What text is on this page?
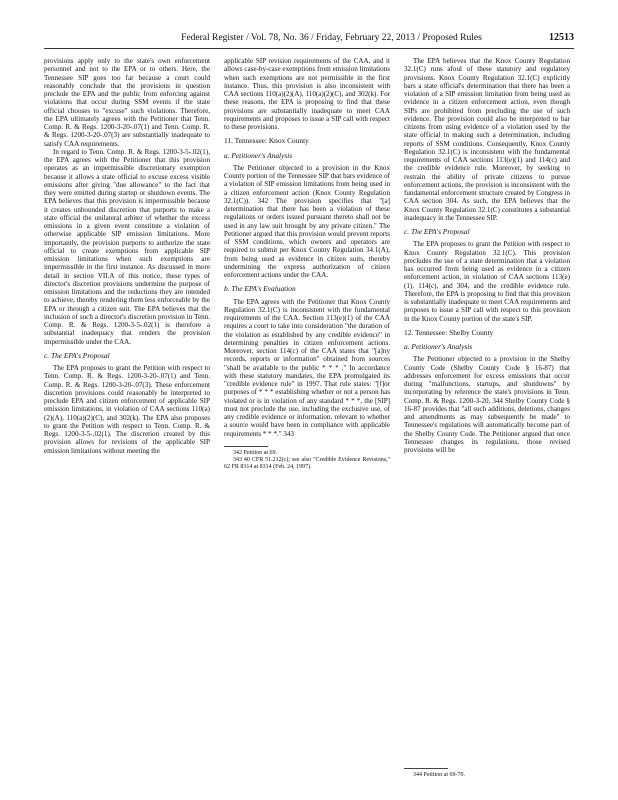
Federal Register / Vol. 78, No. 36 / Friday, February 22, 2013 / Proposed Rules	12513

provisions apply only to the state's own enforcement personnel and not to the EPA or to others. Here, the Tennessee SIP goes too far because a court could reasonably conclude that the provisions in question preclude the EPA and the public from enforcing against violations that occur during SSM events if the state official chooses to "excuse" such violations. Therefore, the EPA ultimately agrees with the Petitioner that Tenn. Comp. R. & Regs. 1200-3-20-.07(1) and Tenn. Comp. R. & Regs. 1200-3-20-.07(3) are substantially inadequate to satisfy CAA requirements.

In regard to Tenn. Comp. R. & Regs. 1200-3-5-.02(1), the EPA agrees with the Petitioner that this provision operates as an impermissible discretionary exemption because it allows a state official to excuse excess visible emissions after giving "due allowance" to the fact that they were emitted during startup or shutdown events. The EPA believes that this provision is impermissible because it creates unbounded discretion that purports to make a state official the unilateral arbiter of whether the excess emissions in a given event constitute a violation of otherwise applicable SIP emission limitations. More importantly, the provision purports to authorize the state official to create exemptions from applicable SIP emission limitations when such exemptions are impermissible in the first instance. As discussed in more detail in section VII.A of this notice, these types of director's discretion provisions undermine the purpose of emission limitations and the reductions they are intended to achieve, thereby rendering them less enforceable by the EPA or through a citizen suit. The EPA believes that the inclusion of such a director's discretion provision in Tenn. Comp. R. & Regs. 1200-3-5-.02(1) is therefore a substantial inadequacy that renders the provision impermissible under the CAA.

c. The EPA's Proposal

The EPA proposes to grant the Petition with respect to Tenn. Comp. R. & Regs. 1200-3-20-.07(1) and Tenn. Comp. R. & Regs. 1200-3-20-.07(3). These enforcement discretion provisions could reasonably be interpreted to preclude EPA and citizen enforcement of applicable SIP emission limitations, in violation of CAA sections 110(a)(2)(A), 110(a)(2)(C), and 302(k). The EPA also proposes to grant the Petition with respect to Tenn. Comp. R. & Regs. 1200-3-5-.02(1). The discretion created by this provision allows for revisions of the applicable SIP emission limitations without meeting the

applicable SIP revision requirements of the CAA, and it allows case-by-case exemptions from emission limitations when such exemptions are not permissible in the first instance. Thus, this provision is also inconsistent with CAA sections 110(a)(2)(A), 110(a)(2)(C), and 302(k). For these reasons, the EPA is proposing to find that these provisions are substantially inadequate to meet CAA requirements and proposes to issue a SIP call with respect to these provisions.

11. Tennessee: Knox County
a. Petitioner's Analysis

The Petitioner objected to a provision in the Knox County portion of the Tennessee SIP that bars evidence of a violation of SIP emission limitations from being used in a citizen enforcement action (Knox County Regulation 32.1(C)). 342 The provision specifies that "[a] determination that there has been a violation of these regulations or orders issued pursuant thereto shall not be used in any law suit brought by any private citizen." The Petitioner argued that this provision would prevent reports of SSM conditions, which owners and operators are required to submit per Knox County Regulation 34.1(A), from being used as evidence in citizen suits, thereby undermining the express authorization of citizen enforcement actions under the CAA.

b. The EPA's Evaluation

The EPA agrees with the Petitioner that Knox County Regulation 32.1(C) is inconsistent with the fundamental requirements of the CAA. Section 113(e)(1) of the CAA requires a court to take into consideration "the duration of the violation as established by any credible evidence" in determining penalties in citizen enforcement actions. Moreover, section 114(c) of the CAA states that "[a]ny records, reports or information" obtained from sources "shall be available to the public * * * ." In accordance with these statutory mandates, the EPA promulgated its "credible evidence rule" in 1997. That rule states: "[f]or purposes of * * * establishing whether or not a person has violated or is in violation of any standard * * *, the [SIP] must not preclude the use, including the exclusive use, of any credible evidence or information, relevant to whether a source would have been in compliance with applicable requirements * * *." 343

342 Petition at 69.

343 40 CFR 51.212(c); see also "Credible Evidence Revisions," 62 FR 8314 at 8314 (Feb. 24, 1997).

The EPA believes that the Knox County Regulation 32.1(C) runs afoul of these statutory and regulatory provisions. Knox County Regulation 32.1(C) explicitly bars a state official's determination that there has been a violation of a SIP emission limitation from being used as evidence in a citizen enforcement action, even though SIPs are prohibited from precluding the use of such evidence. The provision could also be interpreted to bar citizens from using evidence of a violation used by the state official in making such a determination, including reports of SSM conditions. Consequently, Knox County Regulation 32.1(C) is inconsistent with the fundamental requirements of CAA sections 113(e)(1) and 114(c) and the credible evidence rule. Moreover, by seeking to restrain the ability of private citizens to pursue enforcement actions, the provision is inconsistent with the fundamental enforcement structure created by Congress in CAA section 304. As such, the EPA believes that the Knox County Regulation 32.1(C) constitutes a substantial inadequacy in the Tennessee SIP.

c. The EPA's Proposal

The EPA proposes to grant the Petition with respect to Knox County Regulation 32.1(C). This provision precludes the use of a state determination that a violation has occurred from being used as evidence in a citizen enforcement action, in violation of CAA sections 113(e)(1), 114(c), and 304, and the credible evidence rule. Therefore, the EPA is proposing to find that this provision is substantially inadequate to meet CAA requirements and proposes to issue a SIP call with respect to this provision in the Knox County portion of the state's SIP.

12. Tennessee: Shelby County
a. Petitioner's Analysis

The Petitioner objected to a provision in the Shelby County Code (Shelby County Code § 16-87) that addresses enforcement for excess emissions that occur during "malfunctions, startups, and shutdowns" by incorporating by reference the state's provisions in Tenn. Comp. R. & Regs. 1200-3-20. 344 Shelby County Code § 16-87 provides that "all such additions, deletions, changes and amendments as may subsequently be made" to Tennessee's regulations will automatically become part of the Shelby County Code. The Petitioner argued that once Tennessee changes its regulations, those revised provisions will be

344 Petition at 69-70.
